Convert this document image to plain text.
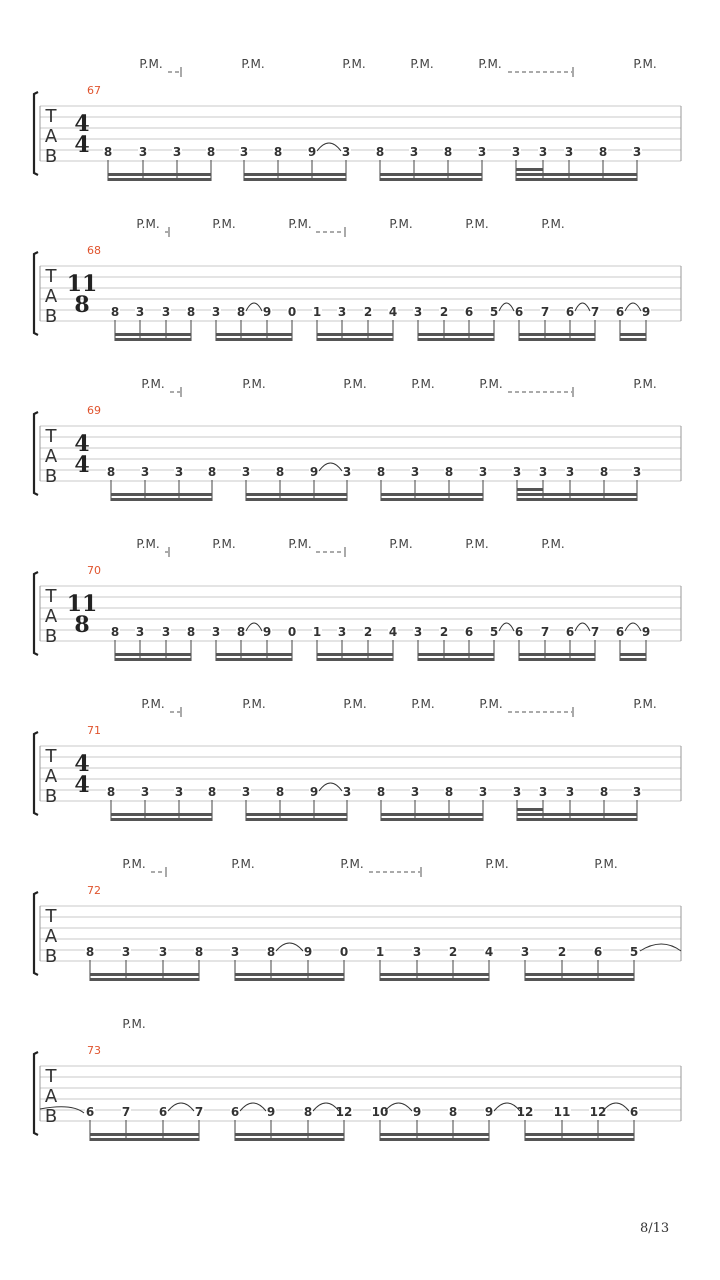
T
A
B
67
4
4
P.M.	P.M.	P.M.	P.M.	P.M.	P.M.
8 3 3 8 3 8 9 3 8 3 8 3 3 3 3 8 3
T
A
B
68
11
8
P.M.	P.M.	P.M.	P.M.	P.M.	P.M.
8 3 3 8 3 8 9 0 1 3 2 4 3 2 6 5 6 7 6 7 6 9
T
A
B
69
4
4
P.M.	P.M.	P.M.	P.M.	P.M.	P.M.
8 3 3 8 3 8 9 3 8 3 8 3 3 3 3 8 3
T
A
B
70
11
8
P.M.	P.M.	P.M.	P.M.	P.M.	P.M.
8 3 3 8 3 8 9 0 1 3 2 4 3 2 6 5 6 7 6 7 6 9
T
A
B
71
4
4
P.M.	P.M.	P.M.	P.M.	P.M.	P.M.
8 3 3 8 3 8 9 3 8 3 8 3 3 3 3 8 3
T
A
B
72
P.M.	P.M.	P.M.	P.M.	P.M.
8 3 3 8 3 8 9 0 1 3 2 4 3 2 6 5
T
A
B
73
P.M.
6 7 6 7 6 9 8 12 10 9 8 9 12 11 12 6
8/13
